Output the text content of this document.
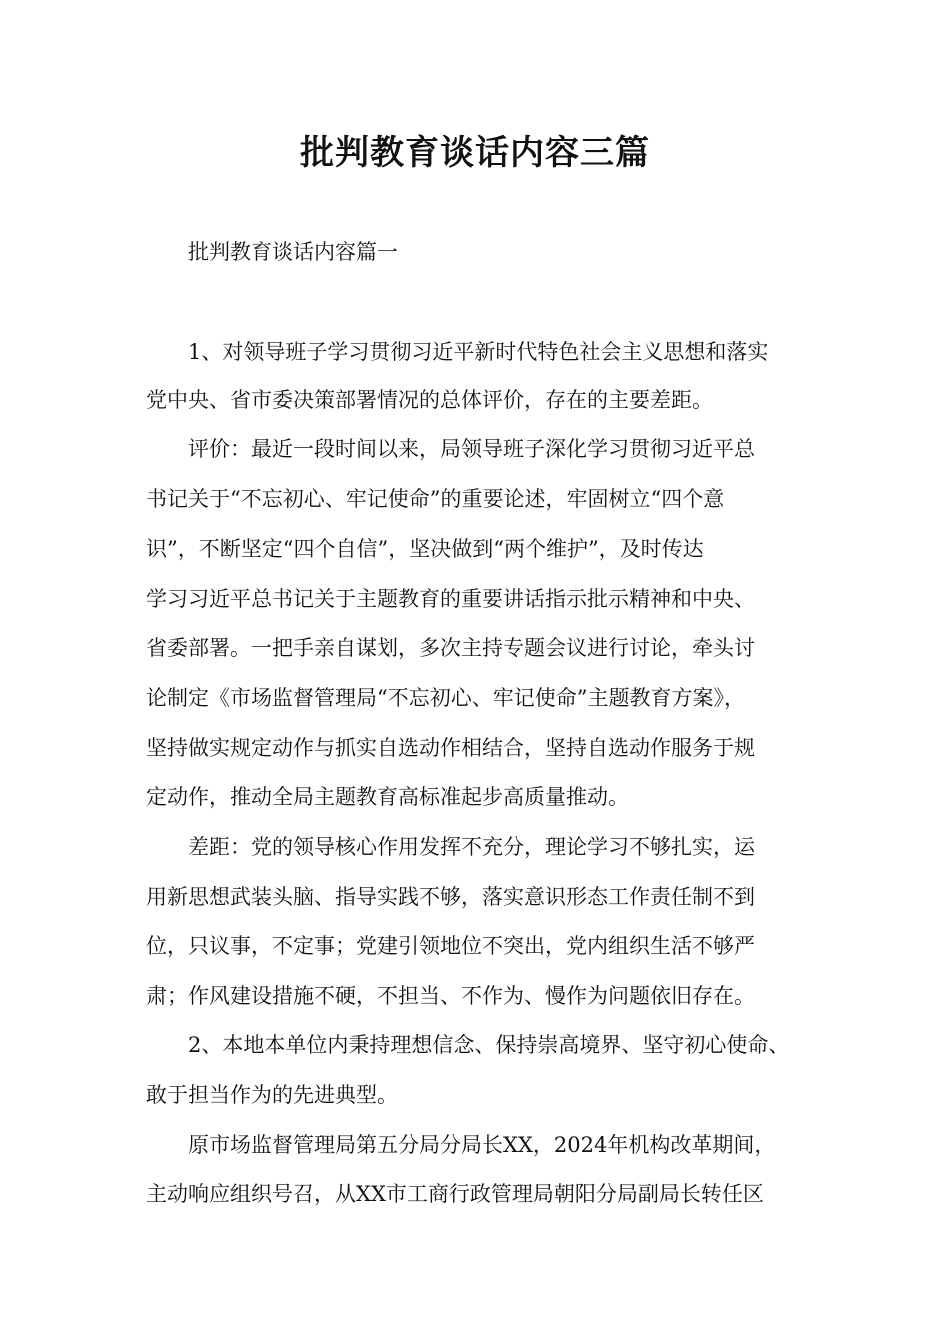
批判教育谈话内容三篇

批判教育谈话内容篇一

1、对领导班子学习贯彻习近平新时代特色社会主义思想和落实

党中央、省市委决策部署情况的总体评价，存在的主要差距。

评价：最近一段时间以来，局领导班子深化学习贯彻习近平总

书记关于“不忘初心、牢记使命”的重要论述，牢固树立“四个意

识”，不断坚定“四个自信”，坚决做到“两个维护”，及时传达

学习习近平总书记关于主题教育的重要讲话指示批示精神和中央、

省委部署。一把手亲自谋划，多次主持专题会议进行讨论，牵头讨

论制定《市场监督管理局“不忘初心、牢记使命”主题教育方案》，

坚持做实规定动作与抓实自选动作相结合，坚持自选动作服务于规

定动作，推动全局主题教育高标准起步高质量推动。

差距：党的领导核心作用发挥不充分，理论学习不够扎实，运

用新思想武装头脑、指导实践不够，落实意识形态工作责任制不到

位，只议事，不定事；党建引领地位不突出，党内组织生活不够严

肃；作风建设措施不硬，不担当、不作为、慢作为问题依旧存在。

2、本地本单位内秉持理想信念、保持崇高境界、坚守初心使命、

敢于担当作为的先进典型。

原市场监督管理局第五分局分局长XX，2024年机构改革期间，

主动响应组织号召，从XX市工商行政管理局朝阳分局副局长转任区
